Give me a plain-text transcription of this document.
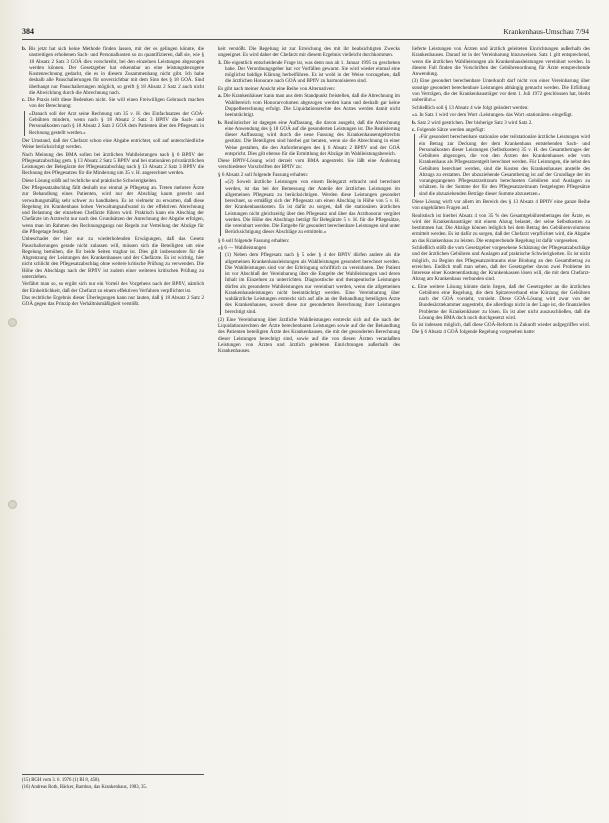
384	Krankenhaus-Umschau 7/94

b. Bis jetzt hat sich keine Methode finden lassen, mit der es gelingen könnte, die unstreitigen erhobenen Sach- und Personalkosten so zu quantifizieren, daß sie, wie § 18 Absatz 2 Satz 3 GOÄ dies vorschreibt, bei den einzelnen Leistungen abgezogen werden können. Der Gesetzgeber hat erkennbar an eine leistungsbezogene Kostenrechnung gedacht, die es in diesem Zusammenhang nicht gibt. Ich habe deshalb alle Pauschalierungen für unverzichtbar mit dem Sinn des § 18 GOÄ. Sind überhaupt nur Pauschalierungen möglich, so greift § 18 Absatz 2 Satz 2 auch nicht die Abwicklung durch die Abrechnung nach.

c. Die Praxis teilt diese Bedenken nicht. Sie will einen Freiwilligen Gebrauch machen von der Berechnung:

»Danach soll der Arzt seine Rechnung um 35 v. H. des Einfachsatzes der GOÄ-Gebühren mindern, wenn nach § 18 Absatz 2 Satz 3 BPflV die Sach- und Personalkosten nach § 18 Absatz 2 Satz 2 GOÄ dem Patienten über den Pflegesatz in Rechnung gestellt werden.«

Der Umstand, daß der Chefarzt schon eine Abgabe entrichtet, soll auf unterschiedliche Weise berücksichtigt werden.

Nach Meinung des BMA sollen bei ärztlichen Wahlleistungen nach § 6 BPflV der Pflegesatzabschlag gem. § 13 Absatz 2 Satz 5 BPflV und bei stationären privatärztlichen Leistungen der Belegärzte der Pflegesatzabschlag nach § 13 Absatz 2 Satz 3 BPflV die Rechnung des Pflegesatzes für die Minderung um 35 v. H. angerechnet werden.

Diese Lösung stößt auf rechtliche und praktische Schwierigkeiten.

Der Pflegesatzabschlag fällt deshalb nur einmal je Pflegetag an. Treten mehrere Ärzte zur Behandlung eines Patienten, wird nur der Abschlag kaum gerecht und verwaltungsmäßig sehr schwer zu handhaben. Es ist vielmehr zu erwarten, daß diese Regelung im Krankenhaus hohen Verwaltungsaufwand in der effektiven Abrechnung und Belastung der einzelnen Chefärzte führen wird. Praktisch kann ein Abschlag der Chefärzte im Arztrecht nur nach den Grundsätzen der Anrechnung der Abgabe erfolgen, wenn man im Rahmen des Rechnungsgangs nur Regeln zur Verteilung der Abzüge für die Pflegetage festlegt.

Unbeschadet der hier nur zu wiederholenden Erwägungen, daß das Gesetz Pauschalierungen gerade nicht zulassen will, müssen sich die Beteiligten um eine Regelung bemühen, die für beide Seiten tragbar ist. Dies gilt insbesondere für die Abgrenzung der Leistungen des Krankenhauses und der Chefärzte. Es ist wichtig, hier nicht schlicht den Pflegesatzabschlag ohne weitere kritische Prüfung zu verwenden. Die Höhe des Abschlags nach der BPflV ist zudem einer weiteren kritischen Prüfung zu unterziehen.

Verfährt man so, so ergibt sich nur ein Vorteil des Vorgehens nach der BPflV, nämlich der Einheitlichkeit, daß der Chefarzt zu einem effektiven Verfahren verpflichtet ist.

Das rechtliche Ergebnis dieser Überlegungen kann nur lauten, daß § 18 Absatz 2 Satz 2 GOÄ gegen das Prinzip der Verhältnismäßigkeit verstößt.

keit verstößt. Die Regelung ist zur Erreichung des mit ihr beabsichtigten Zwecks ungeeignet. Es wird daher der Chefarzt mit diesem Ergebnis vielleicht durchkommen.

3. Die eigentlich entscheidende Frage ist, was denn nun ab 1. Januar 1995 zu geschehen habe. Der Verordnungsgeber hat vor Vorfällen gewarnt. Sie wird wieder einmal eine möglichst baldige Klärung herbeiführen. Es ist wohl in der Weise vorzugehen, daß die ärztlichen Honorare nach GOÄ und BPflV zu harmonisieren sind.

Es gibt nach meiner Ansicht eine Reihe von Alternativen:

a. Die Krankenhäuser kann man aus dem Standpunkt freistellen, daß die Abrechnung im Wahlbereich vom Honorarvolumen abgezogen werden kann und deshalb gar keine Doppelberechnung erfolgt. Die Liquidationsrechte des Arztes werden damit nicht beeinträchtigt.

b. Realistischer ist dagegen eine Auffassung, die davon ausgeht, daß die Abrechnung eine Anwendung des § 18 GOÄ auf die gesonderten Leistungen ist. Die Realisierung dieser Auffassung wird durch die neue Fassung des Krankenhausentgeltrechts gestützt. Die Beteiligten sind hierbei gut beraten, wenn sie die Abrechnung in einer Weise gestalten, die den Anforderungen des § 6 Absatz 2 BPflV und der GOÄ entspricht. Dies gilt ebenso für die Ermittlung der Abzüge im Wahlleistungsbereich.

Diese BPflV-Lösung wird derzeit vom BMA angestrebt. Sie läßt eine Änderung verschiedener Vorschriften der BPflV zu:

§ 6 Absatz 2 soll folgende Fassung erhalten:

»(2) Soweit ärztliche Leistungen von einem Belegarzt erbracht und berechnet werden, ist das bei der Bemessung der Anteile der ärztlichen Leistungen im allgemeinen Pflegesatz zu berücksichtigen. Werden diese Leistungen gesondert berechnet, so ermäßigt sich der Pflegesatz um einen Abschlag in Höhe von 5 v. H. der Krankenhauskosten. Es ist dafür zu sorgen, daß die stationären ärztlichen Leistungen nicht gleichzeitig über den Pflegesatz und über das Arzthonorar vergütet werden. Die Höhe des Abschlags beträgt für Belegärzte 5 v. H. für die Pflegesätze, die vereinbart werden. Die Entgelte für gesondert berechenbare Leistungen sind unter Berücksichtigung dieser Abschläge zu ermitteln.«

§ 6 soll folgende Fassung erhalten:

»§ 6 — Wahlleistungen

(1) Neben dem Pflegesatz nach § 5 oder § 4 der BPflV dürfen andere als die allgemeinen Krankenhausleistungen als Wahlleistungen gesondert berechnet werden. Die Wahlleistungen sind vor der Erbringung schriftlich zu vereinbaren. Der Patient ist vor Abschluß der Vereinbarung über die Entgelte der Wahlleistungen und deren Inhalt im Einzelnen zu unterrichten. Diagnostische und therapeutische Leistungen dürfen als gesonderte Wahlleistungen nur vereinbart werden, wenn die allgemeinen Krankenhausleistungen nicht beeinträchtigt werden. Eine Vereinbarung über wahlärztliche Leistungen erstreckt sich auf alle an der Behandlung beteiligten Ärzte des Krankenhauses, soweit diese zur gesonderten Berechnung ihrer Leistungen berechtigt sind.

(2) Eine Vereinbarung über ärztliche Wahlleistungen erstreckt sich auf die nach der Liquidationsrechten der Ärzte berechenbaren Leistungen sowie auf die der Behandlung des Patienten beteiligten Ärzte des Krankenhauses, die mit der gesonderten Berechnung dieser Leistungen berechtigt sind, sowie auf die von diesen Ärzten veranlaßten Leistungen von Ärzten und ärztlich geleiteten Einrichtungen außerhalb des Krankenhauses.

lieferte Leistungen von Ärzten und ärztlich geleiteten Einrichtungen außerhalb des Krankenhauses. Darauf ist in der Vereinbarung hinzuweisen. Satz 1 gilt entsprechend, wenn die ärztlichen Wahlleistungen als Krankenhausleistungen vereinbart werden. In diesem Fall finden die Vorschriften der Gebührenordnung für Ärzte entsprechende Anwendung.

(3) Eine gesondert berechenbare Unterkunft darf nicht von einer Vereinbarung über sonstige gesondert berechenbare Leistungen abhängig gemacht werden. Die Erfüllung von Verträgen, die der Krankenhausträger vor dem 1. Juli 1972 geschlossen hat, bleibt unberührt.«

Schließlich soll § 13 Absatz 4 wie folgt geändert werden:

»a. In Satz 1 wird vor dem Wort ›Leistungen‹ das Wort ›stationären‹ eingefügt.

b. Satz 2 wird gestrichen. Der bisherige Satz 3 wird Satz 2.

c. Folgende Sätze werden angefügt:

›Für gesondert berechenbare stationäre oder teilstationäre ärztliche Leistungen wird ein Betrag zur Deckung der dem Krankenhaus entstehenden Sach- und Personalkosten dieser Leistungen (Selbstkosten) 35 v. H. des Gesamtbetrages der Gebühren abgezogen, die von den Ärzten des Krankenhauses oder vom Krankenhaus als Pflegesatzentgelt berechnet werden. Für Leistungen, die nebst den Gebühren berechnet werden, sind die Kosten des Krankenhauses anstelle des Abzugs zu erstatten. Der abzuziehende Gesamtbetrag ist auf der Grundlage der im vorangegangenen Pflegesatzzeitraum berechneten Gebühren und Auslagen zu schätzen. In der Summe der für den Pflegesatzzeitraum festgelegten Pflegesätze sind die abzuziehenden Beträge dieser Summe abzusetzen.‹

Diese Lösung wirft vor allem im Bereich des § 13 Absatz 4 BPflV eine ganze Reihe von ungeklärten Fragen auf.

Realistisch ist hierbei Absatz 4 von 35 % des Gesamtgebührenbetrages der Ärzte, es wird der Krankenhausträger mit einem Abzug belastet, der seine Selbstkosten zu bestimmen hat. Die Abzüge können lediglich bei dem Betrag des Gebührenvolumens ermittelt werden. Es ist dafür zu sorgen, daß der Chefarzt verpflichtet wird, die Abgabe an das Krankenhaus zu leisten. Die entsprechende Regelung ist dafür vorgesehen.

Schließlich stößt die vom Gesetzgeber vorgesehene Schätzung der Pflegesatzabschläge und der ärztlichen Gebühren und Auslagen auf praktische Schwierigkeiten. Es ist nicht möglich, zu Beginn des Pflegesatzzeitraums eine Bindung an den Gesamtbetrag zu erreichen. Endlich muß man sehen, daß der Gesetzgeber davon zwei Probleme im Interesse einer Kostenentlastung der Krankenkassen lösen will, die mit dem Chefarzt-Abzug am Krankenhaus verbunden sind.

c. Eine weitere Lösung könnte darin liegen, daß der Gesetzgeber an die ärztlichen Gebühren eine Regelung, die dem Spitzenverband eine Kürzung der Gebühren nach der GOÄ vorsieht, vorsieht. Diese GOÄ-Lösung wird zwar von der Bundesärztekammer angestrebt, die allerdings nicht in der Lage ist, die finanziellen Probleme der Krankenhäuser zu lösen. Es ist aber nicht auszuschließen, daß die Lösung des BMA doch noch durchgesetzt wird.

Es ist indessen möglich, daß diese GOÄ-Reform in Zukunft wieder aufgegriffen wird. Die § 6 Absatz 4 GOÄ folgende Regelung vorgesehen hatte:

(15) BGH vom 3. 6. 1976 (1) BI 8, 458).

(16) Andreas Roth, Bäcker, Bambus, das Krankenhaus, 1983, 35.
